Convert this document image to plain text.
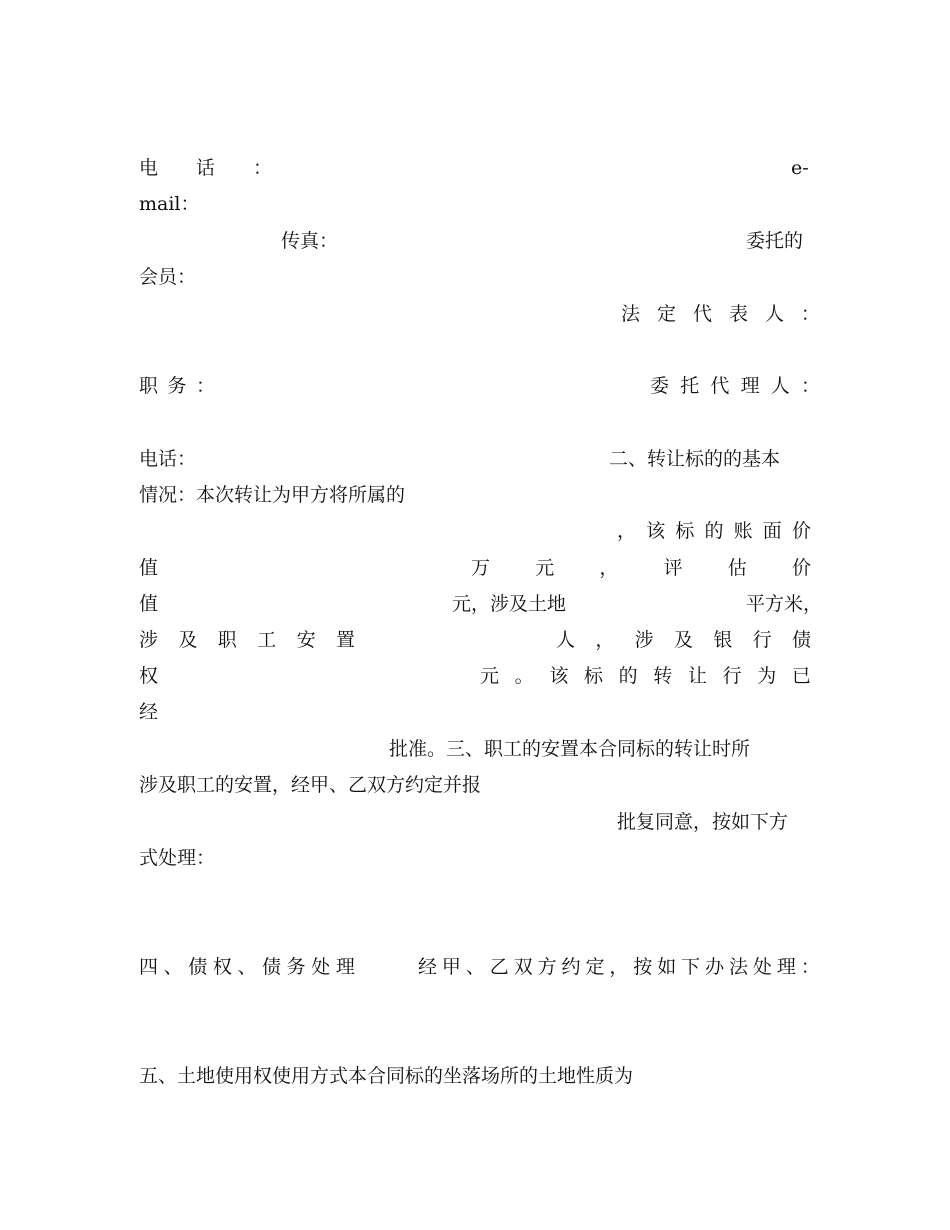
电　　话　　：	e-
mail：
传真：	委托的
会员：
法 定 代 表 人 ：
职 务 ：	委 托 代 理 人 ：
电话：	二、转让标的的基本
情况：本次转让为甲方将所属的
， 该 标 的 账 面 价
值	万 元 ， 评 估 价
值	元，涉及土地	平方米，
涉 及 职 工 安 置	人 ， 涉 及 银 行 债
权	元 。 该 标 的 转 让 行 为 已
经
批准。三、职工的安置本合同标的转让时所
涉及职工的安置，经甲、乙双方约定并报
批复同意，按如下方
式处理：
四 、 债 权 、 债 务 处 理	经 甲 、 乙 双 方 约 定 ， 按 如 下 办 法 处 理 ：
五、土地使用权使用方式本合同标的坐落场所的土地性质为
